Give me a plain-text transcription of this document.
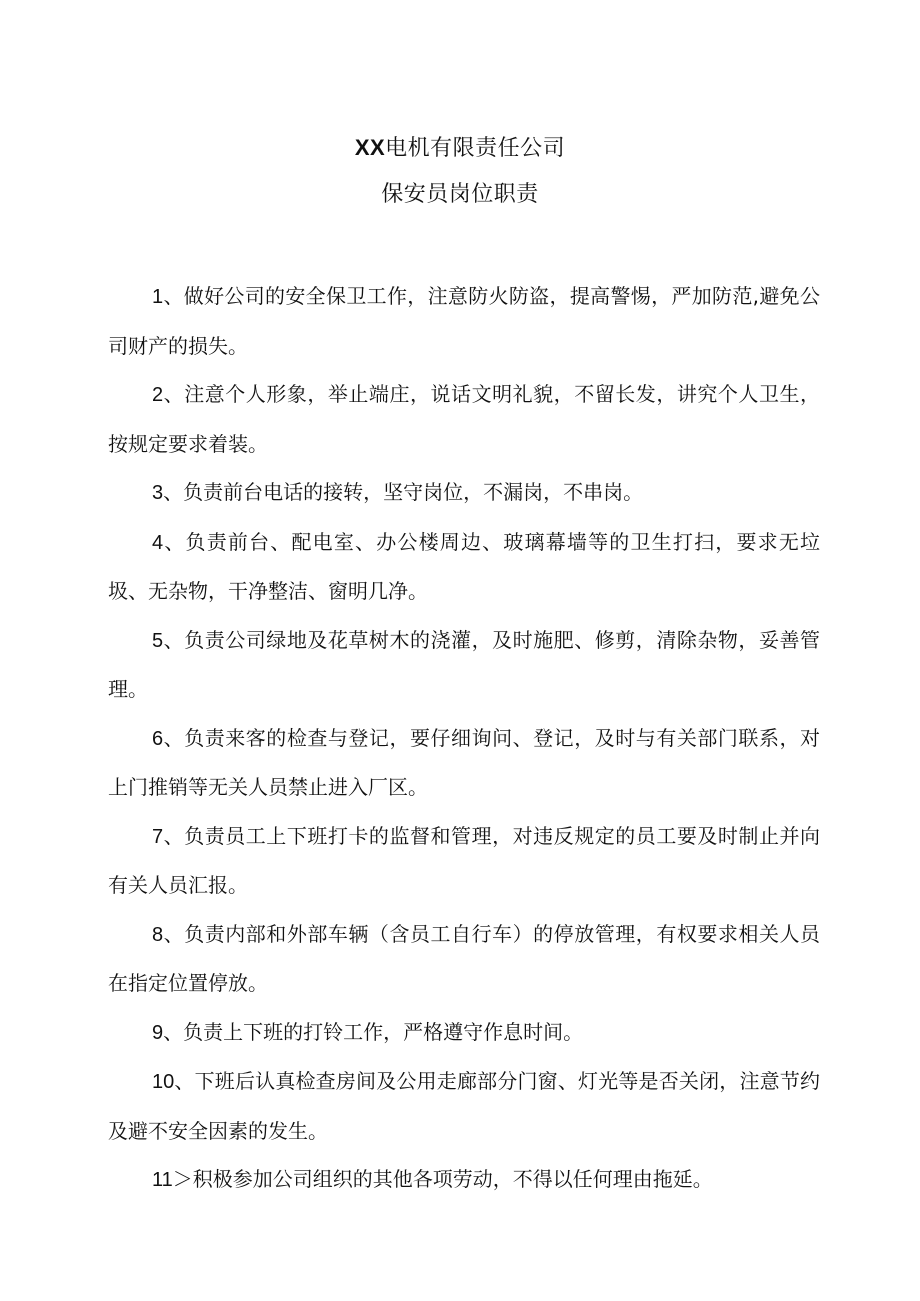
XX电机有限责任公司
保安员岗位职责

1、做好公司的安全保卫工作，注意防火防盗，提高警惕，严加防范,避免公司财产的损失。

2、注意个人形象，举止端庄，说话文明礼貌，不留长发，讲究个人卫生，按规定要求着装。

3、负责前台电话的接转，坚守岗位，不漏岗，不串岗。

4、负责前台、配电室、办公楼周边、玻璃幕墙等的卫生打扫，要求无垃圾、无杂物，干净整洁、窗明几净。

5、负责公司绿地及花草树木的浇灌，及时施肥、修剪，清除杂物，妥善管理。

6、负责来客的检查与登记，要仔细询问、登记，及时与有关部门联系，对上门推销等无关人员禁止进入厂区。

7、负责员工上下班打卡的监督和管理，对违反规定的员工要及时制止并向有关人员汇报。

8、负责内部和外部车辆（含员工自行车）的停放管理，有权要求相关人员在指定位置停放。

9、负责上下班的打铃工作，严格遵守作息时间。

10、下班后认真检查房间及公用走廊部分门窗、灯光等是否关闭，注意节约及避不安全因素的发生。

11＞积极参加公司组织的其他各项劳动，不得以任何理由拖延。
